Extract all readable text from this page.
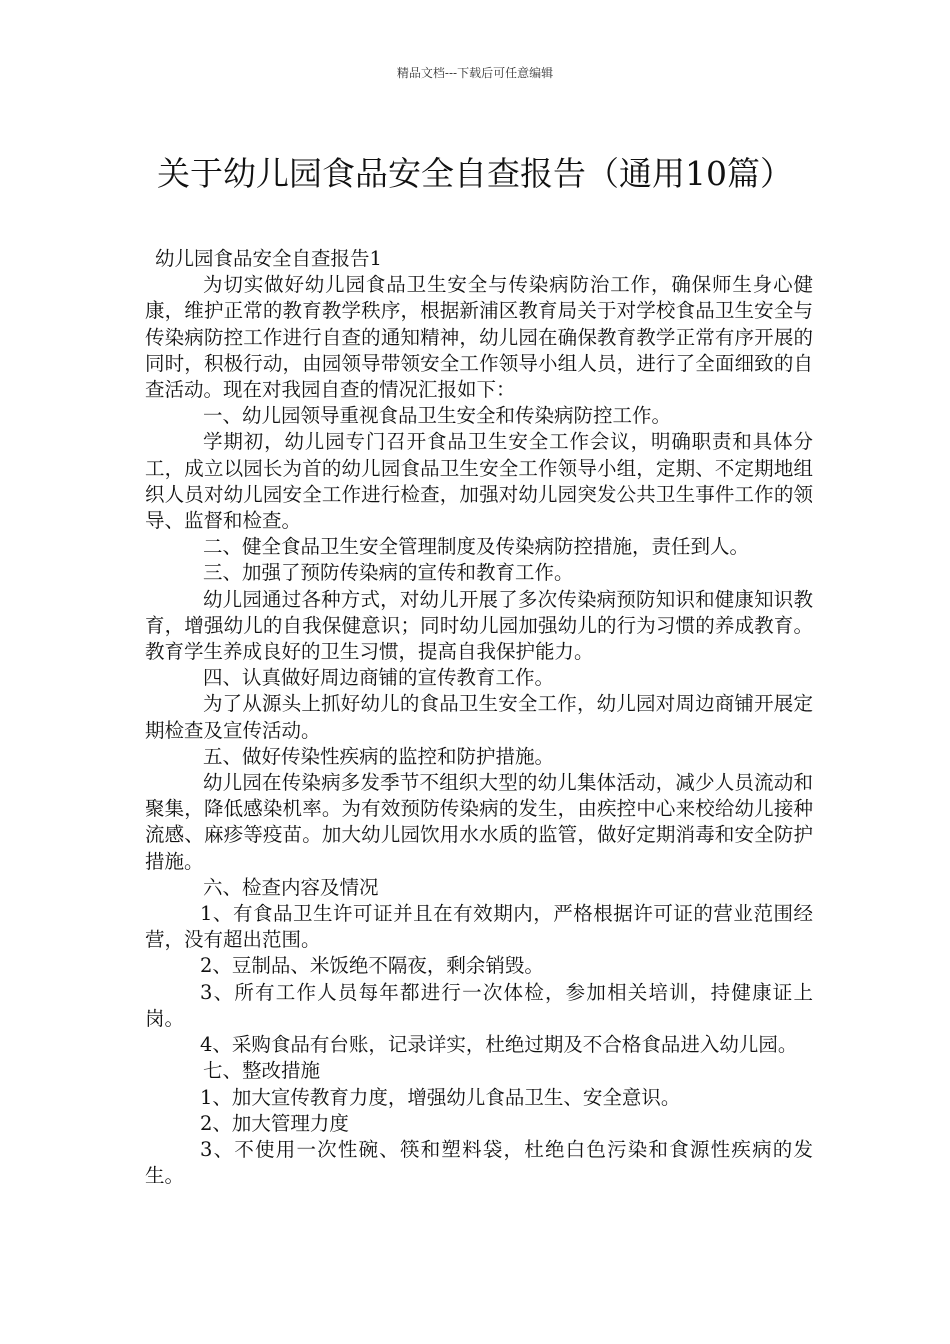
精品文档---下载后可任意编辑
关于幼儿园食品安全自查报告（通用10篇）

幼儿园食品安全自查报告1

为切实做好幼儿园食品卫生安全与传染病防治工作，确保师生身心健康，维护正常的教育教学秩序，根据新浦区教育局关于对学校食品卫生安全与传染病防控工作进行自查的通知精神，幼儿园在确保教育教学正常有序开展的同时，积极行动，由园领导带领安全工作领导小组人员，进行了全面细致的自查活动。现在对我园自查的情况汇报如下：

一、幼儿园领导重视食品卫生安全和传染病防控工作。

学期初，幼儿园专门召开食品卫生安全工作会议，明确职责和具体分工，成立以园长为首的幼儿园食品卫生安全工作领导小组，定期、不定期地组织人员对幼儿园安全工作进行检查，加强对幼儿园突发公共卫生事件工作的领导、监督和检查。

二、健全食品卫生安全管理制度及传染病防控措施，责任到人。

三、加强了预防传染病的宣传和教育工作。

幼儿园通过各种方式，对幼儿开展了多次传染病预防知识和健康知识教育，增强幼儿的自我保健意识；同时幼儿园加强幼儿的行为习惯的养成教育。教育学生养成良好的卫生习惯，提高自我保护能力。

四、认真做好周边商铺的宣传教育工作。

为了从源头上抓好幼儿的食品卫生安全工作，幼儿园对周边商铺开展定期检查及宣传活动。

五、做好传染性疾病的监控和防护措施。

幼儿园在传染病多发季节不组织大型的幼儿集体活动，减少人员流动和聚集，降低感染机率。为有效预防传染病的发生，由疾控中心来校给幼儿接种流感、麻疹等疫苗。加大幼儿园饮用水水质的监管，做好定期消毒和安全防护措施。

六、检查内容及情况

1、有食品卫生许可证并且在有效期内，严格根据许可证的营业范围经营，没有超出范围。

2、豆制品、米饭绝不隔夜，剩余销毁。

3、所有工作人员每年都进行一次体检，参加相关培训，持健康证上岗。

4、采购食品有台账，记录详实，杜绝过期及不合格食品进入幼儿园。

七、整改措施

1、加大宣传教育力度，增强幼儿食品卫生、安全意识。

2、加大管理力度

3、不使用一次性碗、筷和塑料袋，杜绝白色污染和食源性疾病的发生。
